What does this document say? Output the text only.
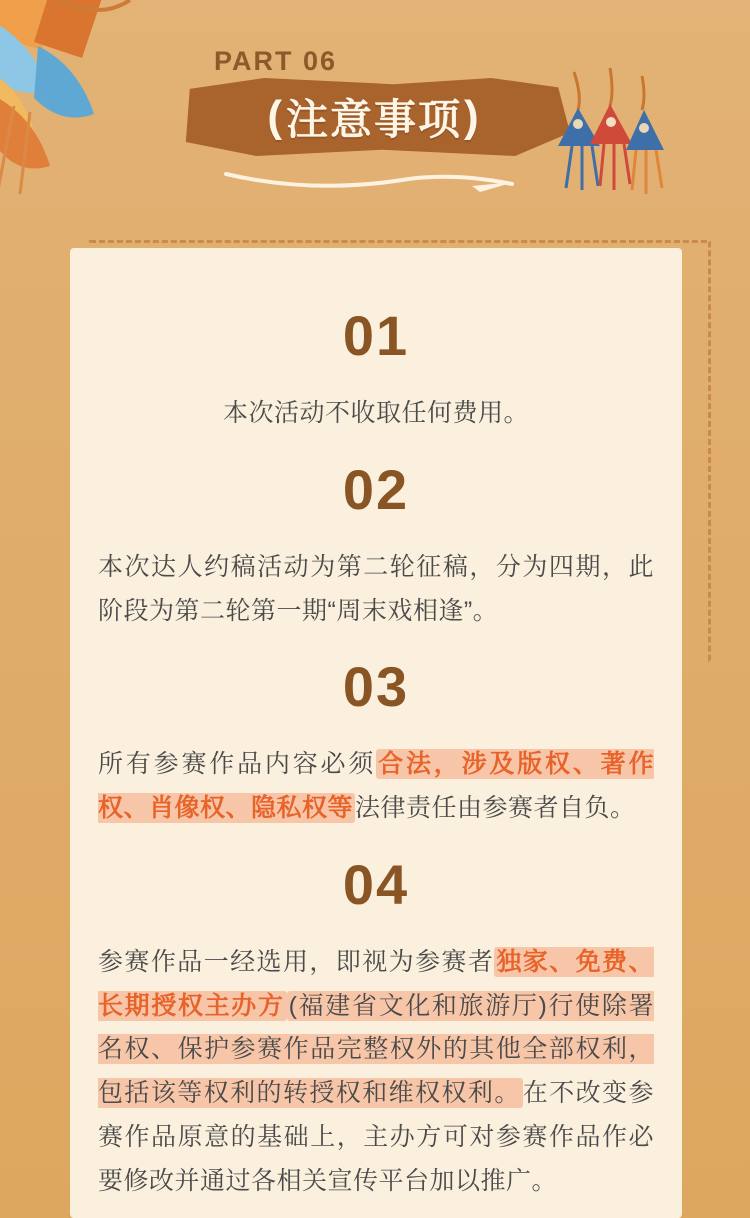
PART 06
( 注意事项 )
01
本次活动不收取任何费用。
02
本次达人约稿活动为第二轮征稿，分为四期，此阶段为第二轮第一期“周末戏相逢”。
03
所有参赛作品内容必须合法，涉及版权、著作权、肖像权、隐私权等法律责任由参赛者自负。
04
参赛作品一经选用，即视为参赛者独家、免费、长期授权主办方 (福建省文化和旅游厅)行使除署名权、保护参赛作品完整权外的其他全部权利，包括该等权利的转授权和维权权利。在不改变参赛作品原意的基础上，主办方可对参赛作品作必要修改并通过各相关宣传平台加以推广。
